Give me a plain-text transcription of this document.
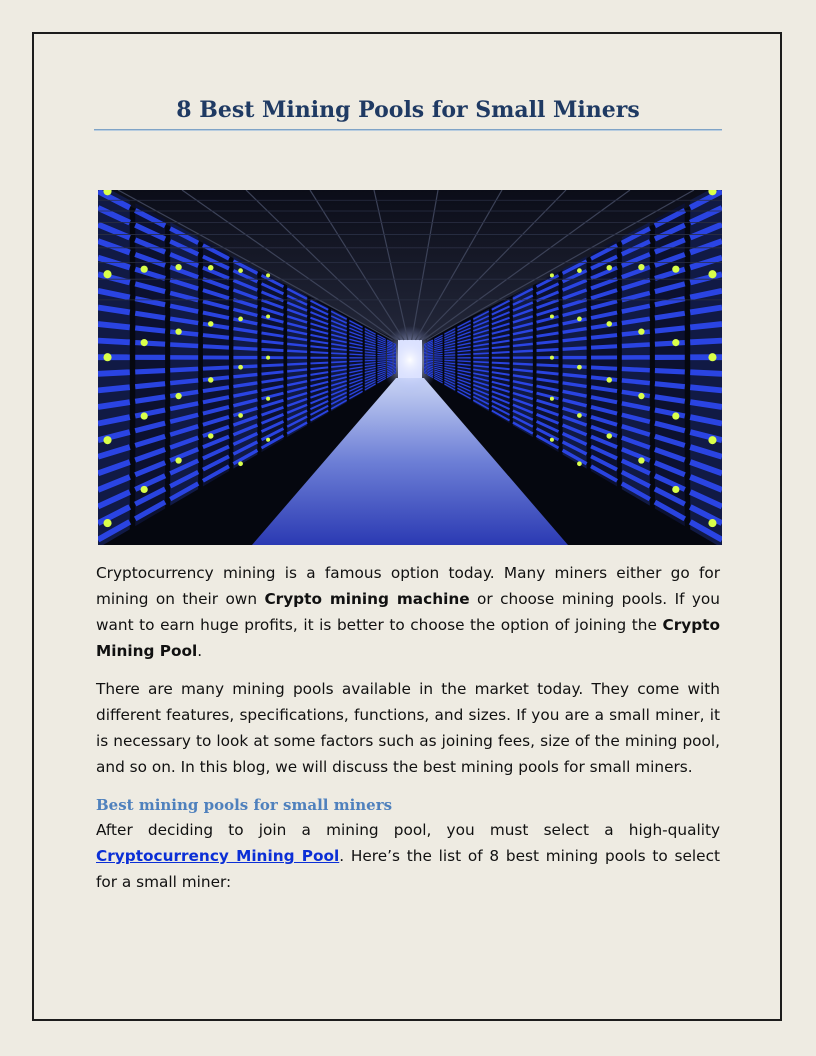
8 Best Mining Pools for Small Miners

Cryptocurrency mining is a famous option today. Many miners either go for mining on their own Crypto mining machine or choose mining pools. If you want to earn huge profits, it is better to choose the option of joining the Crypto Mining Pool.

There are many mining pools available in the market today. They come with different features, specifications, functions, and sizes. If you are a small miner, it is necessary to look at some factors such as joining fees, size of the mining pool, and so on. In this blog, we will discuss the best mining pools for small miners.

Best mining pools for small miners

After deciding to join a mining pool, you must select a high-quality Cryptocurrency Mining Pool. Here’s the list of 8 best mining pools to select for a small miner:
